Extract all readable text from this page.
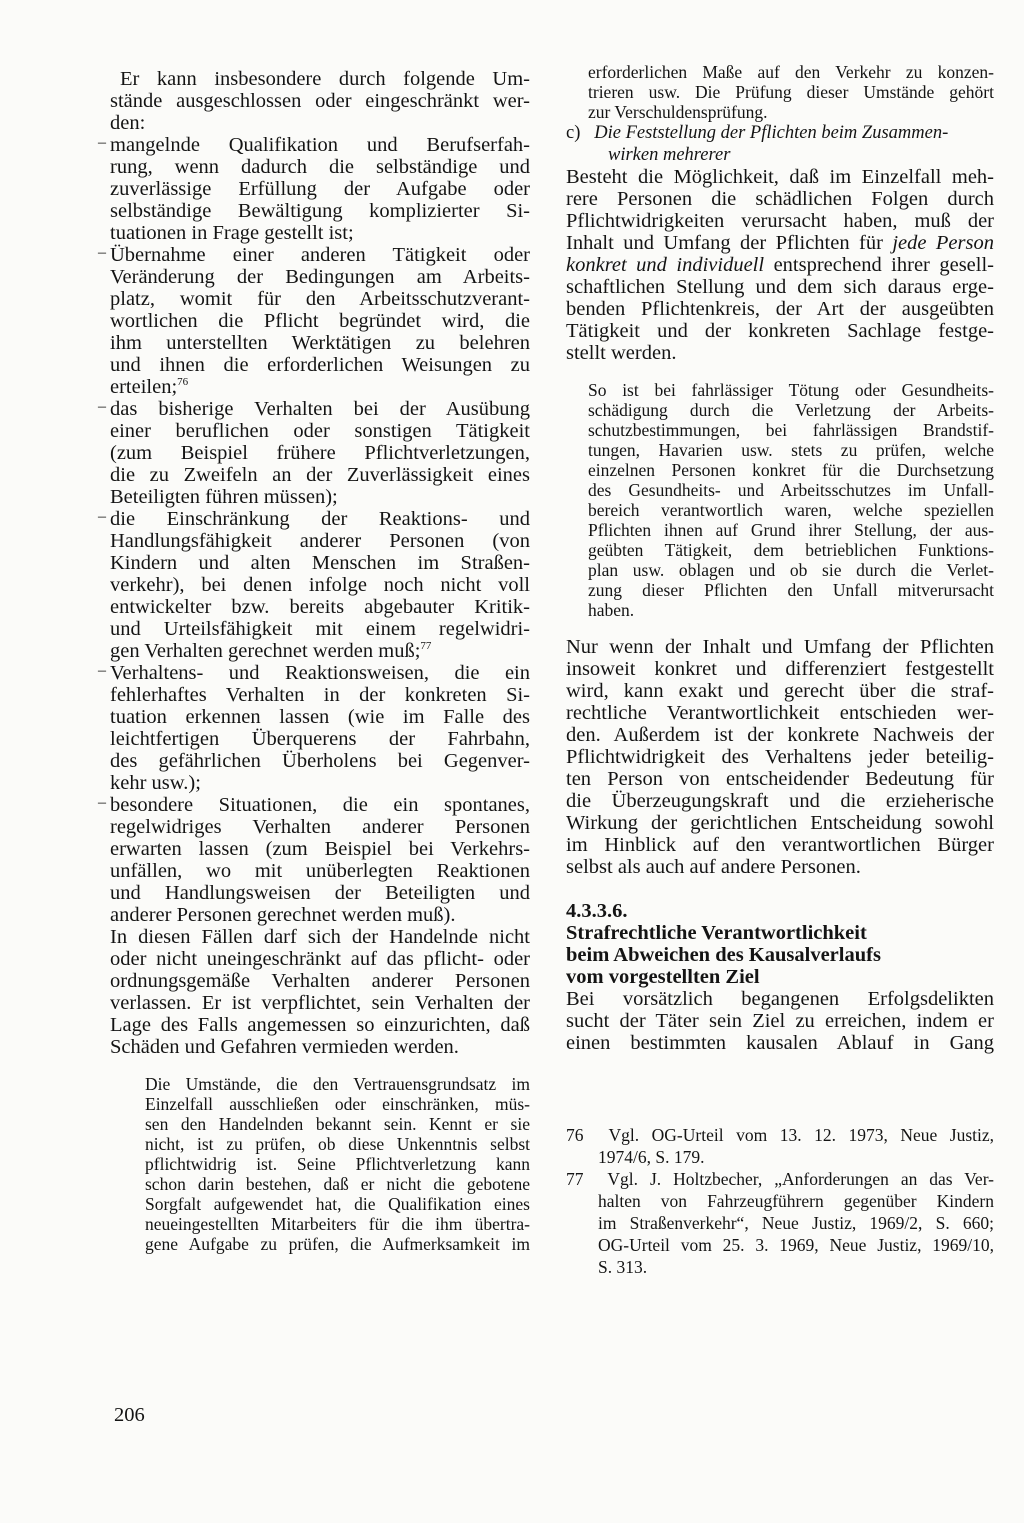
Er kann insbesondere durch folgende Um-
stände ausgeschlossen oder eingeschränkt wer-
den:
– mangelnde Qualifikation und Berufserfah-
rung, wenn dadurch die selbständige und
zuverlässige Erfüllung der Aufgabe oder
selbständige Bewältigung komplizierter Si-
tuationen in Frage gestellt ist;
– Übernahme einer anderen Tätigkeit oder
Veränderung der Bedingungen am Arbeits-
platz, womit für den Arbeitsschutzverant-
wortlichen die Pflicht begründet wird, die
ihm unterstellten Werktätigen zu belehren
und ihnen die erforderlichen Weisungen zu
erteilen;$^{76}$
– das bisherige Verhalten bei der Ausübung
einer beruflichen oder sonstigen Tätigkeit
(zum Beispiel frühere Pflichtverletzungen,
die zu Zweifeln an der Zuverlässigkeit eines
Beteiligten führen müssen);
– die Einschränkung der Reaktions- und
Handlungsfähigkeit anderer Personen (von
Kindern und alten Menschen im Straßen-
verkehr), bei denen infolge noch nicht voll
entwickelter bzw. bereits abgebauter Kritik-
und Urteilsfähigkeit mit einem regelwidri-
gen Verhalten gerechnet werden muß;$^{77}$
– Verhaltens- und Reaktionsweisen, die ein
fehlerhaftes Verhalten in der konkreten Si-
tuation erkennen lassen (wie im Falle des
leichtfertigen Überquerens der Fahrbahn,
des gefährlichen Überholens bei Gegenver-
kehr usw.);
– besondere Situationen, die ein spontanes,
regelwidriges Verhalten anderer Personen
erwarten lassen (zum Beispiel bei Verkehrs-
unfällen, wo mit unüberlegten Reaktionen
und Handlungsweisen der Beteiligten und
anderer Personen gerechnet werden muß).
In diesen Fällen darf sich der Handelnde nicht
oder nicht uneingeschränkt auf das pflicht- oder
ordnungsgemäße Verhalten anderer Personen
verlassen. Er ist verpflichtet, sein Verhalten der
Lage des Falls angemessen so einzurichten, daß
Schäden und Gefahren vermieden werden.
Die Umstände, die den Vertrauensgrundsatz im
Einzelfall ausschließen oder einschränken, müs-
sen den Handelnden bekannt sein. Kennt er sie
nicht, ist zu prüfen, ob diese Unkenntnis selbst
pflichtwidrig ist. Seine Pflichtverletzung kann
schon darin bestehen, daß er nicht die gebotene
Sorgfalt aufgewendet hat, die Qualifikation eines
neueingestellten Mitarbeiters für die ihm übertra-
gene Aufgabe zu prüfen, die Aufmerksamkeit im
erforderlichen Maße auf den Verkehr zu konzen-
trieren usw. Die Prüfung dieser Umstände gehört
zur Verschuldensprüfung.
c) Die Feststellung der Pflichten beim Zusammen-
wirken mehrerer
Besteht die Möglichkeit, daß im Einzelfall meh-
rere Personen die schädlichen Folgen durch
Pflichtwidrigkeiten verursacht haben, muß der
Inhalt und Umfang der Pflichten für jede Person
konkret und individuell entsprechend ihrer gesell-
schaftlichen Stellung und dem sich daraus erge-
benden Pflichtenkreis, der Art der ausgeübten
Tätigkeit und der konkreten Sachlage festge-
stellt werden.
So ist bei fahrlässiger Tötung oder Gesundheits-
schädigung durch die Verletzung der Arbeits-
schutzbestimmungen, bei fahrlässigen Brandstif-
tungen, Havarien usw. stets zu prüfen, welche
einzelnen Personen konkret für die Durchsetzung
des Gesundheits- und Arbeitsschutzes im Unfall-
bereich verantwortlich waren, welche speziellen
Pflichten ihnen auf Grund ihrer Stellung, der aus-
geübten Tätigkeit, dem betrieblichen Funktions-
plan usw. oblagen und ob sie durch die Verlet-
zung dieser Pflichten den Unfall mitverursacht
haben.
Nur wenn der Inhalt und Umfang der Pflichten
insoweit konkret und differenziert festgestellt
wird, kann exakt und gerecht über die straf-
rechtliche Verantwortlichkeit entschieden wer-
den. Außerdem ist der konkrete Nachweis der
Pflichtwidrigkeit des Verhaltens jeder beteilig-
ten Person von entscheidender Bedeutung für
die Überzeugungskraft und die erzieherische
Wirkung der gerichtlichen Entscheidung sowohl
im Hinblick auf den verantwortlichen Bürger
selbst als auch auf andere Personen.
4.3.3.6.
Strafrechtliche Verantwortlichkeit
beim Abweichen des Kausalverlaufs
vom vorgestellten Ziel
Bei vorsätzlich begangenen Erfolgsdelikten
sucht der Täter sein Ziel zu erreichen, indem er
einen bestimmten kausalen Ablauf in Gang
76 Vgl. OG-Urteil vom 13. 12. 1973, Neue Justiz,
1974/6, S. 179.
77 Vgl. J. Holtzbecher, „Anforderungen an das Ver-
halten von Fahrzeugführern gegenüber Kindern
im Straßenverkehr“, Neue Justiz, 1969/2, S. 660;
OG-Urteil vom 25. 3. 1969, Neue Justiz, 1969/10,
S. 313.
206
